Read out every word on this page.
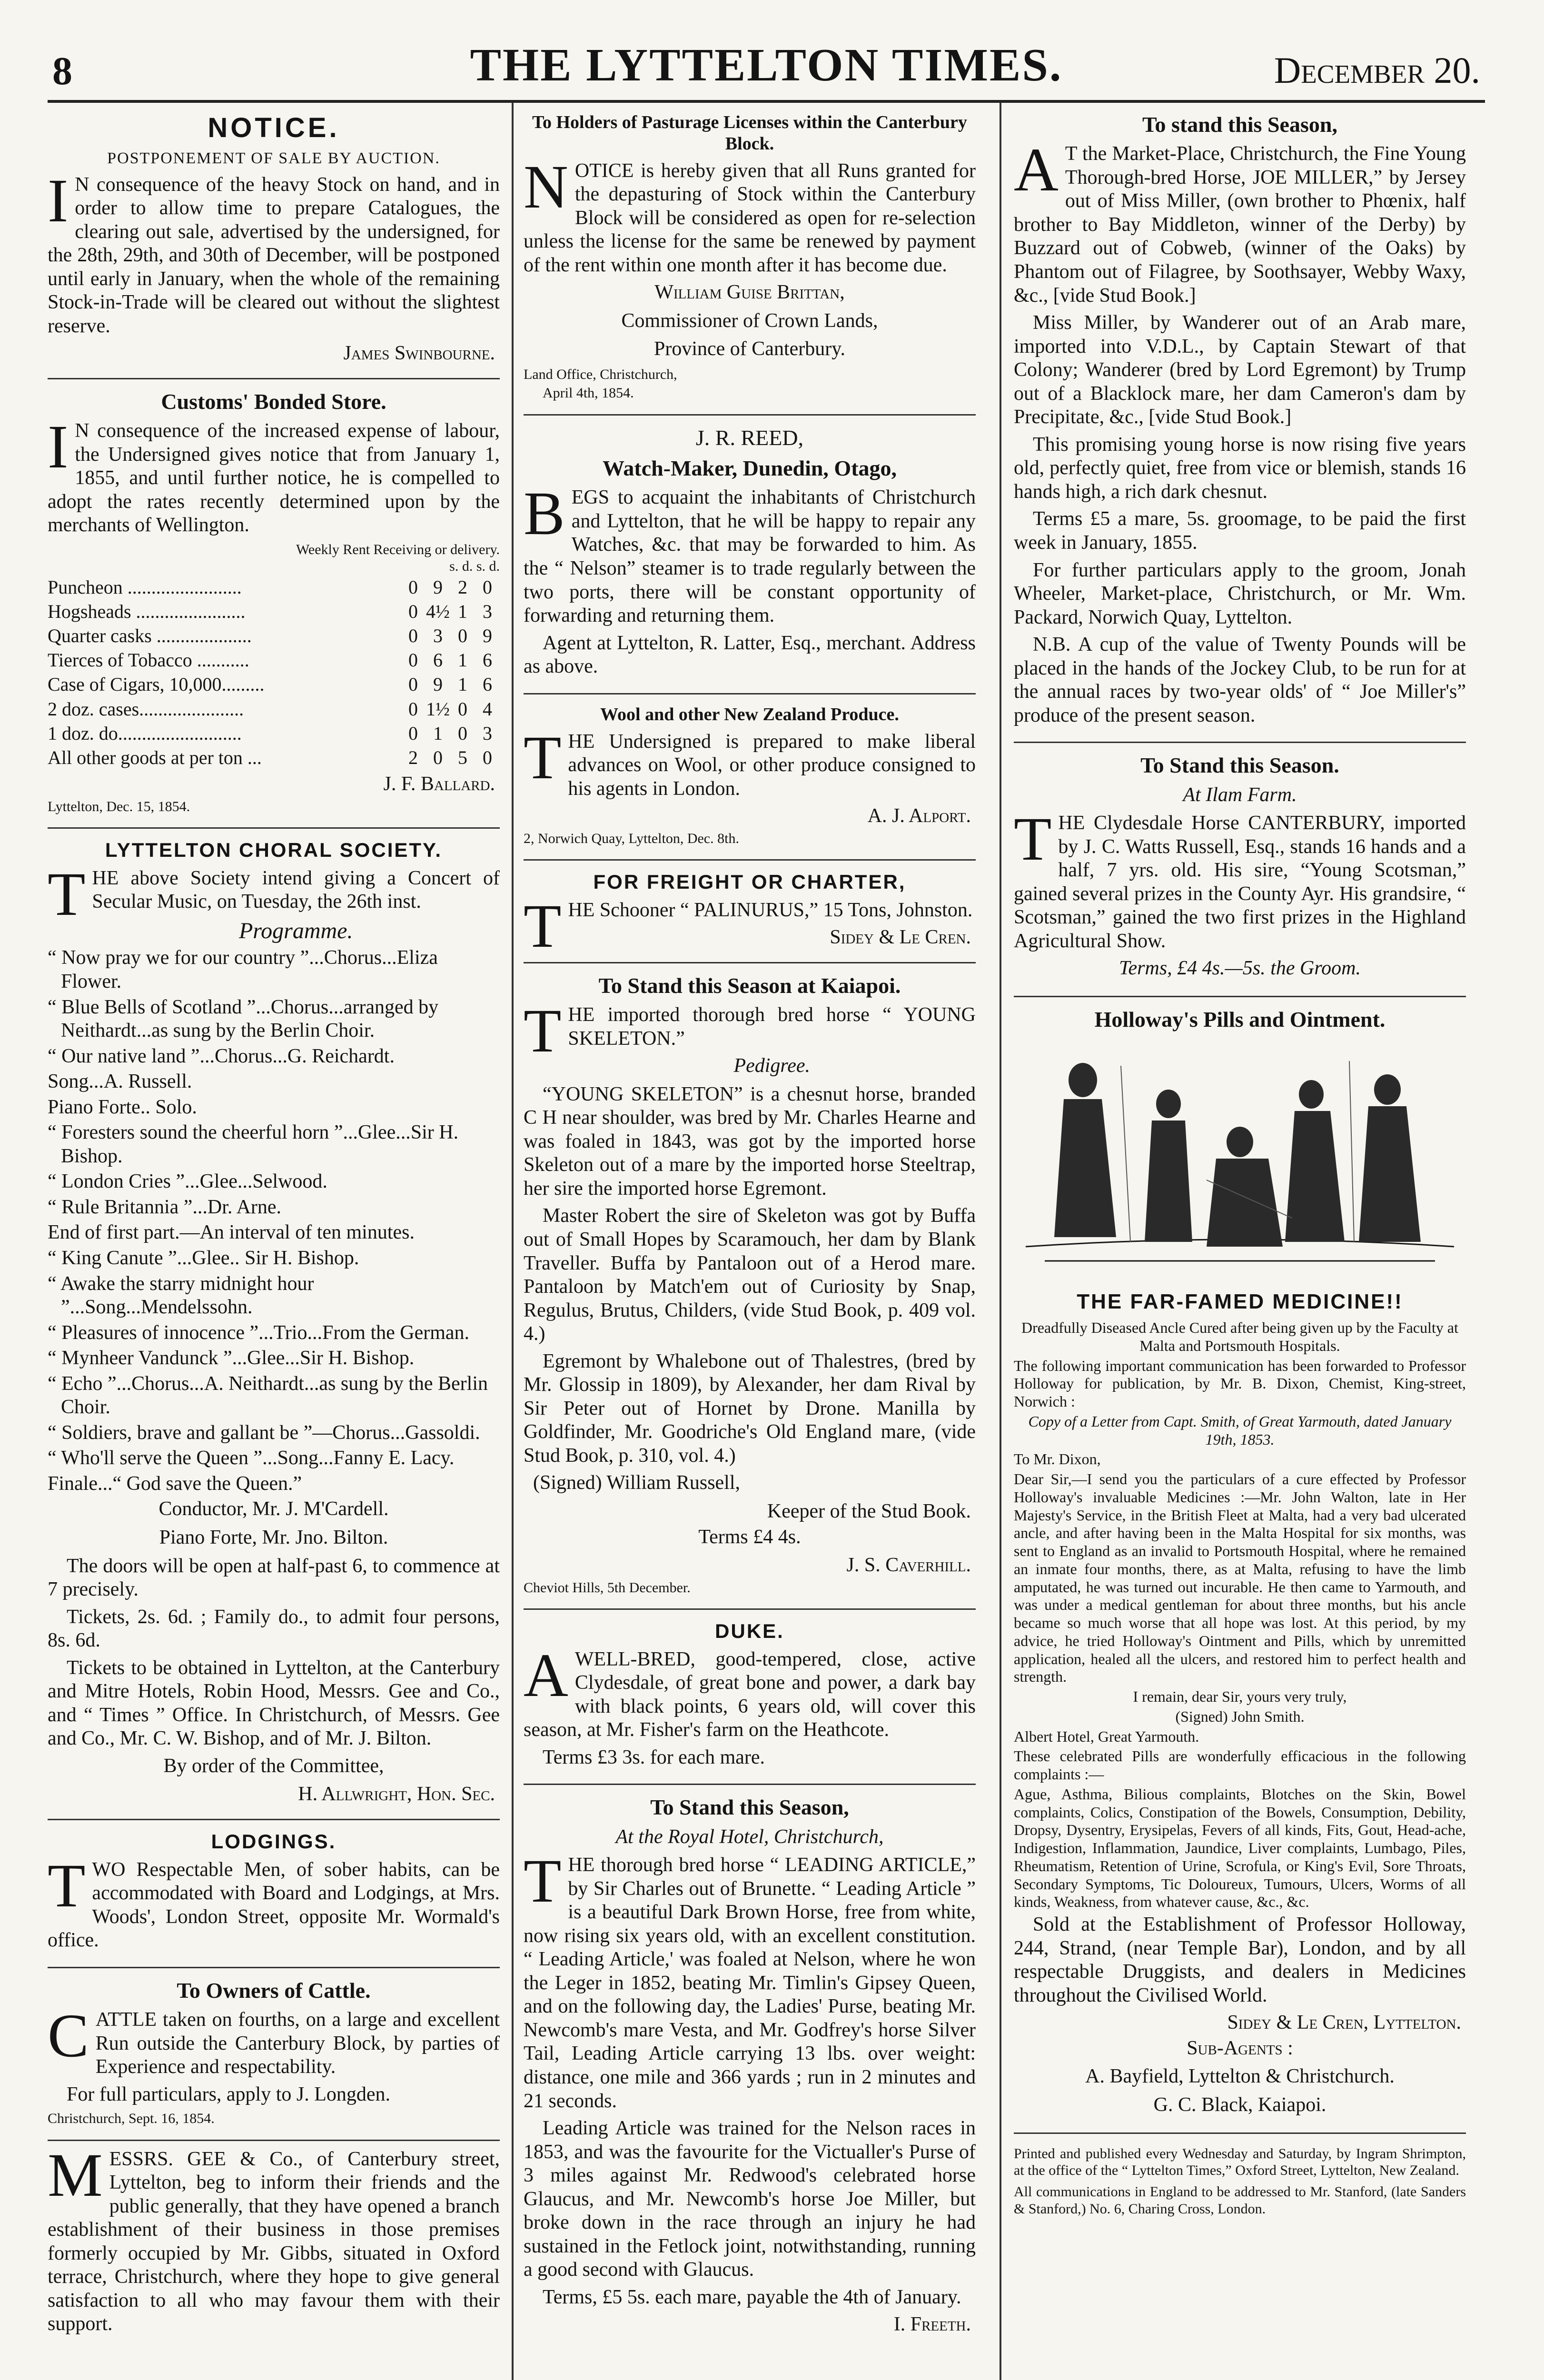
8	THE LYTTELTON TIMES.	December 20.
NOTICE.
POSTPONEMENT OF SALE BY AUCTION.

I N consequence of the heavy Stock on hand, and in order to allow time to prepare Catalogues, the clearing out sale, advertised by the undersigned, for the 28th, 29th, and 30th of December, will be postponed until early in January, when the whole of the remaining Stock-in-Trade will be cleared out without the slightest reserve.

James Swinbourne.
Customs' Bonded Store.

I N consequence of the increased expense of labour, the Undersigned gives notice that from January 1, 1855, and until further notice, he is compelled to adopt the rates recently determined upon by the merchants of Wellington.

Weekly Rent Receiving or delivery.
s. d. s. d.
Puncheon ........................	0	9	2	0
Hogsheads .......................	0	4½	1	3
Quarter casks ....................	0	3	0	9
Tierces of Tobacco ...........	0	6	1	6
Case of Cigars, 10,000.........	0	9	1	6
2 doz. cases......................	0	1½	0	4
1 doz. do..........................	0	1	0	3
All other goods at per ton ...	2	0	5	0
J. F. Ballard.
Lyttelton, Dec. 15, 1854.
LYTTELTON CHORAL SOCIETY.

THE above Society intend giving a Concert of Secular Music, on Tuesday, the 26th inst.

Programme.
“ Now pray we for our country ”...Chorus...Eliza Flower.
“ Blue Bells of Scotland ”...Chorus...arranged by Neithardt...as sung by the Berlin Choir.
“ Our native land ”...Chorus...G. Reichardt.
Song...A. Russell.
Piano Forte.. Solo.
“ Foresters sound the cheerful horn ”...Glee...Sir H. Bishop.
“ London Cries ”...Glee...Selwood.
“ Rule Britannia ”...Dr. Arne.
End of first part.—An interval of ten minutes.
“ King Canute ”...Glee.. Sir H. Bishop.
“ Awake the starry midnight hour ”...Song...Mendelssohn.
“ Pleasures of innocence ”...Trio...From the German.
“ Mynheer Vandunck ”...Glee...Sir H. Bishop.
“ Echo ”...Chorus...A. Neithardt...as sung by the Berlin Choir.
“ Soldiers, brave and gallant be ”—Chorus...Gassoldi.
“ Who'll serve the Queen ”...Song...Fanny E. Lacy.
Finale...“ God save the Queen.”
Conductor, Mr. J. M'Cardell.
Piano Forte, Mr. Jno. Bilton.

The doors will be open at half-past 6, to commence at 7 precisely.

Tickets, 2s. 6d. ; Family do., to admit four persons, 8s. 6d.

Tickets to be obtained in Lyttelton, at the Canterbury and Mitre Hotels, Robin Hood, Messrs. Gee and Co., and “ Times ” Office. In Christchurch, of Messrs. Gee and Co., Mr. C. W. Bishop, and of Mr. J. Bilton.

By order of the Committee,
H. Allwright, Hon. Sec.
LODGINGS.

TWO Respectable Men, of sober habits, can be accommodated with Board and Lodgings, at Mrs. Woods', London Street, opposite Mr. Wormald's office.

To Owners of Cattle.

CATTLE taken on fourths, on a large and excellent Run outside the Canterbury Block, by parties of Experience and respectability.

For full particulars, apply to J. Longden.

Christchurch, Sept. 16, 1854.

MESSRS. GEE & Co., of Canterbury street, Lyttelton, beg to inform their friends and the public generally, that they have opened a branch establishment of their business in those premises formerly occupied by Mr. Gibbs, situated in Oxford terrace, Christchurch, where they hope to give general satisfaction to all who may favour them with their support.

To Holders of Pasturage Licenses within the Canterbury Block.

NOTICE is hereby given that all Runs granted for the depasturing of Stock within the Canterbury Block will be considered as open for re-selection unless the license for the same be renewed by payment of the rent within one month after it has become due.

William Guise Brittan,
Commissioner of Crown Lands,
Province of Canterbury.
Land Office, Christchurch,
April 4th, 1854.
J. R. REED,
Watch-Maker, Dunedin, Otago,

BEGS to acquaint the inhabitants of Christchurch and Lyttelton, that he will be happy to repair any Watches, &c. that may be forwarded to him. As the “ Nelson” steamer is to trade regularly between the two ports, there will be constant opportunity of forwarding and returning them.

Agent at Lyttelton, R. Latter, Esq., merchant. Address as above.

Wool and other New Zealand Produce.

THE Undersigned is prepared to make liberal advances on Wool, or other produce consigned to his agents in London.

A. J. Alport.
2, Norwich Quay, Lyttelton, Dec. 8th.
FOR FREIGHT OR CHARTER,

THE Schooner “ PALINURUS,” 15 Tons, Johnston.

Sidey & Le Cren.
To Stand this Season at Kaiapoi.

THE imported thorough bred horse “ YOUNG SKELETON.”

Pedigree.

“YOUNG SKELETON” is a chesnut horse, branded C H near shoulder, was bred by Mr. Charles Hearne and was foaled in 1843, was got by the imported horse Skeleton out of a mare by the imported horse Steeltrap, her sire the imported horse Egremont.

Master Robert the sire of Skeleton was got by Buffa out of Small Hopes by Scaramouch, her dam by Blank Traveller. Buffa by Pantaloon out of a Herod mare. Pantaloon by Match'em out of Curiosity by Snap, Regulus, Brutus, Childers, (vide Stud Book, p. 409 vol. 4.)

Egremont by Whalebone out of Thalestres, (bred by Mr. Glossip in 1809), by Alexander, her dam Rival by Sir Peter out of Hornet by Drone. Manilla by Goldfinder, Mr. Goodriche's Old England mare, (vide Stud Book, p. 310, vol. 4.)

(Signed) William Russell,
Keeper of the Stud Book.
Terms £4 4s.
J. S. Caverhill.
Cheviot Hills, 5th December.
DUKE.

AWELL-BRED, good-tempered, close, active Clydesdale, of great bone and power, a dark bay with black points, 6 years old, will cover this season, at Mr. Fisher's farm on the Heathcote.

Terms £3 3s. for each mare.

To Stand this Season,
At the Royal Hotel, Christchurch,

THE thorough bred horse “ LEADING ARTICLE,” by Sir Charles out of Brunette. “ Leading Article ” is a beautiful Dark Brown Horse, free from white, now rising six years old, with an excellent constitution. “ Leading Article,' was foaled at Nelson, where he won the Leger in 1852, beating Mr. Timlin's Gipsey Queen, and on the following day, the Ladies' Purse, beating Mr. Newcomb's mare Vesta, and Mr. Godfrey's horse Silver Tail, Leading Article carrying 13 lbs. over weight: distance, one mile and 366 yards ; run in 2 minutes and 21 seconds.

Leading Article was trained for the Nelson races in 1853, and was the favourite for the Victualler's Purse of 3 miles against Mr. Redwood's celebrated horse Glaucus, and Mr. Newcomb's horse Joe Miller, but broke down in the race through an injury he had sustained in the Fetlock joint, notwithstanding, running a good second with Glaucus.

Terms, £5 5s. each mare, payable the 4th of January.

I. Freeth.
To stand this Season,

A T the Market-Place, Christchurch, the Fine Young Thorough-bred Horse, JOE MILLER,” by Jersey out of Miss Miller, (own brother to Phœnix, half brother to Bay Middleton, winner of the Derby) by Buzzard out of Cobweb, (winner of the Oaks) by Phantom out of Filagree, by Soothsayer, Webby Waxy, &c., [vide Stud Book.]

Miss Miller, by Wanderer out of an Arab mare, imported into V.D.L., by Captain Stewart of that Colony; Wanderer (bred by Lord Egremont) by Trump out of a Blacklock mare, her dam Cameron's dam by Precipitate, &c., [vide Stud Book.]

This promising young horse is now rising five years old, perfectly quiet, free from vice or blemish, stands 16 hands high, a rich dark chesnut.

Terms £5 a mare, 5s. groomage, to be paid the first week in January, 1855.

For further particulars apply to the groom, Jonah Wheeler, Market-place, Christchurch, or Mr. Wm. Packard, Norwich Quay, Lyttelton.

N.B. A cup of the value of Twenty Pounds will be placed in the hands of the Jockey Club, to be run for at the annual races by two-year olds' of “ Joe Miller's” produce of the present season.

To Stand this Season.
At Ilam Farm.

THE Clydesdale Horse CANTERBURY, imported by J. C. Watts Russell, Esq., stands 16 hands and a half, 7 yrs. old. His sire, “Young Scotsman,” gained several prizes in the County Ayr. His grandsire, “ Scotsman,” gained the two first prizes in the Highland Agricultural Show.

Terms, £4 4s.—5s. the Groom.
Holloway's Pills and Ointment.
THE FAR-FAMED MEDICINE!!
Dreadfully Diseased Ancle Cured after being given up by the Faculty at Malta and Portsmouth Hospitals.
The following important communication has been forwarded to Professor Holloway for publication, by Mr. B. Dixon, Chemist, King-street, Norwich :
Copy of a Letter from Capt. Smith, of Great Yarmouth, dated January 19th, 1853.
To Mr. Dixon,
Dear Sir,—I send you the particulars of a cure effected by Professor Holloway's invaluable Medicines :—Mr. John Walton, late in Her Majesty's Service, in the British Fleet at Malta, had a very bad ulcerated ancle, and after having been in the Malta Hospital for six months, was sent to England as an invalid to Portsmouth Hospital, where he remained an inmate four months, there, as at Malta, refusing to have the limb amputated, he was turned out incurable. He then came to Yarmouth, and was under a medical gentleman for about three months, but his ancle became so much worse that all hope was lost. At this period, by my advice, he tried Holloway's Ointment and Pills, which by unremitted application, healed all the ulcers, and restored him to perfect health and strength.
I remain, dear Sir, yours very truly,
(Signed) John Smith.
Albert Hotel, Great Yarmouth.
These celebrated Pills are wonderfully efficacious in the following complaints :—
Ague, Asthma, Bilious complaints, Blotches on the Skin, Bowel complaints, Colics, Constipation of the Bowels, Consumption, Debility, Dropsy, Dysentry, Erysipelas, Fevers of all kinds, Fits, Gout, Head-ache, Indigestion, Inflammation, Jaundice, Liver complaints, Lumbago, Piles, Rheumatism, Retention of Urine, Scrofula, or King's Evil, Sore Throats, Secondary Symptoms, Tic Doloureux, Tumours, Ulcers, Worms of all kinds, Weakness, from whatever cause, &c., &c.

Sold at the Establishment of Professor Holloway, 244, Strand, (near Temple Bar), London, and by all respectable Druggists, and dealers in Medicines throughout the Civilised World.

Sidey & Le Cren, Lyttelton.
Sub-Agents :
A. Bayfield, Lyttelton & Christchurch.
G. C. Black, Kaiapoi.
Printed and published every Wednesday and Saturday, by Ingram Shrimpton, at the office of the “ Lyttelton Times,” Oxford Street, Lyttelton, New Zealand.
All communications in England to be addressed to Mr. Stanford, (late Sanders & Stanford,) No. 6, Charing Cross, London.
